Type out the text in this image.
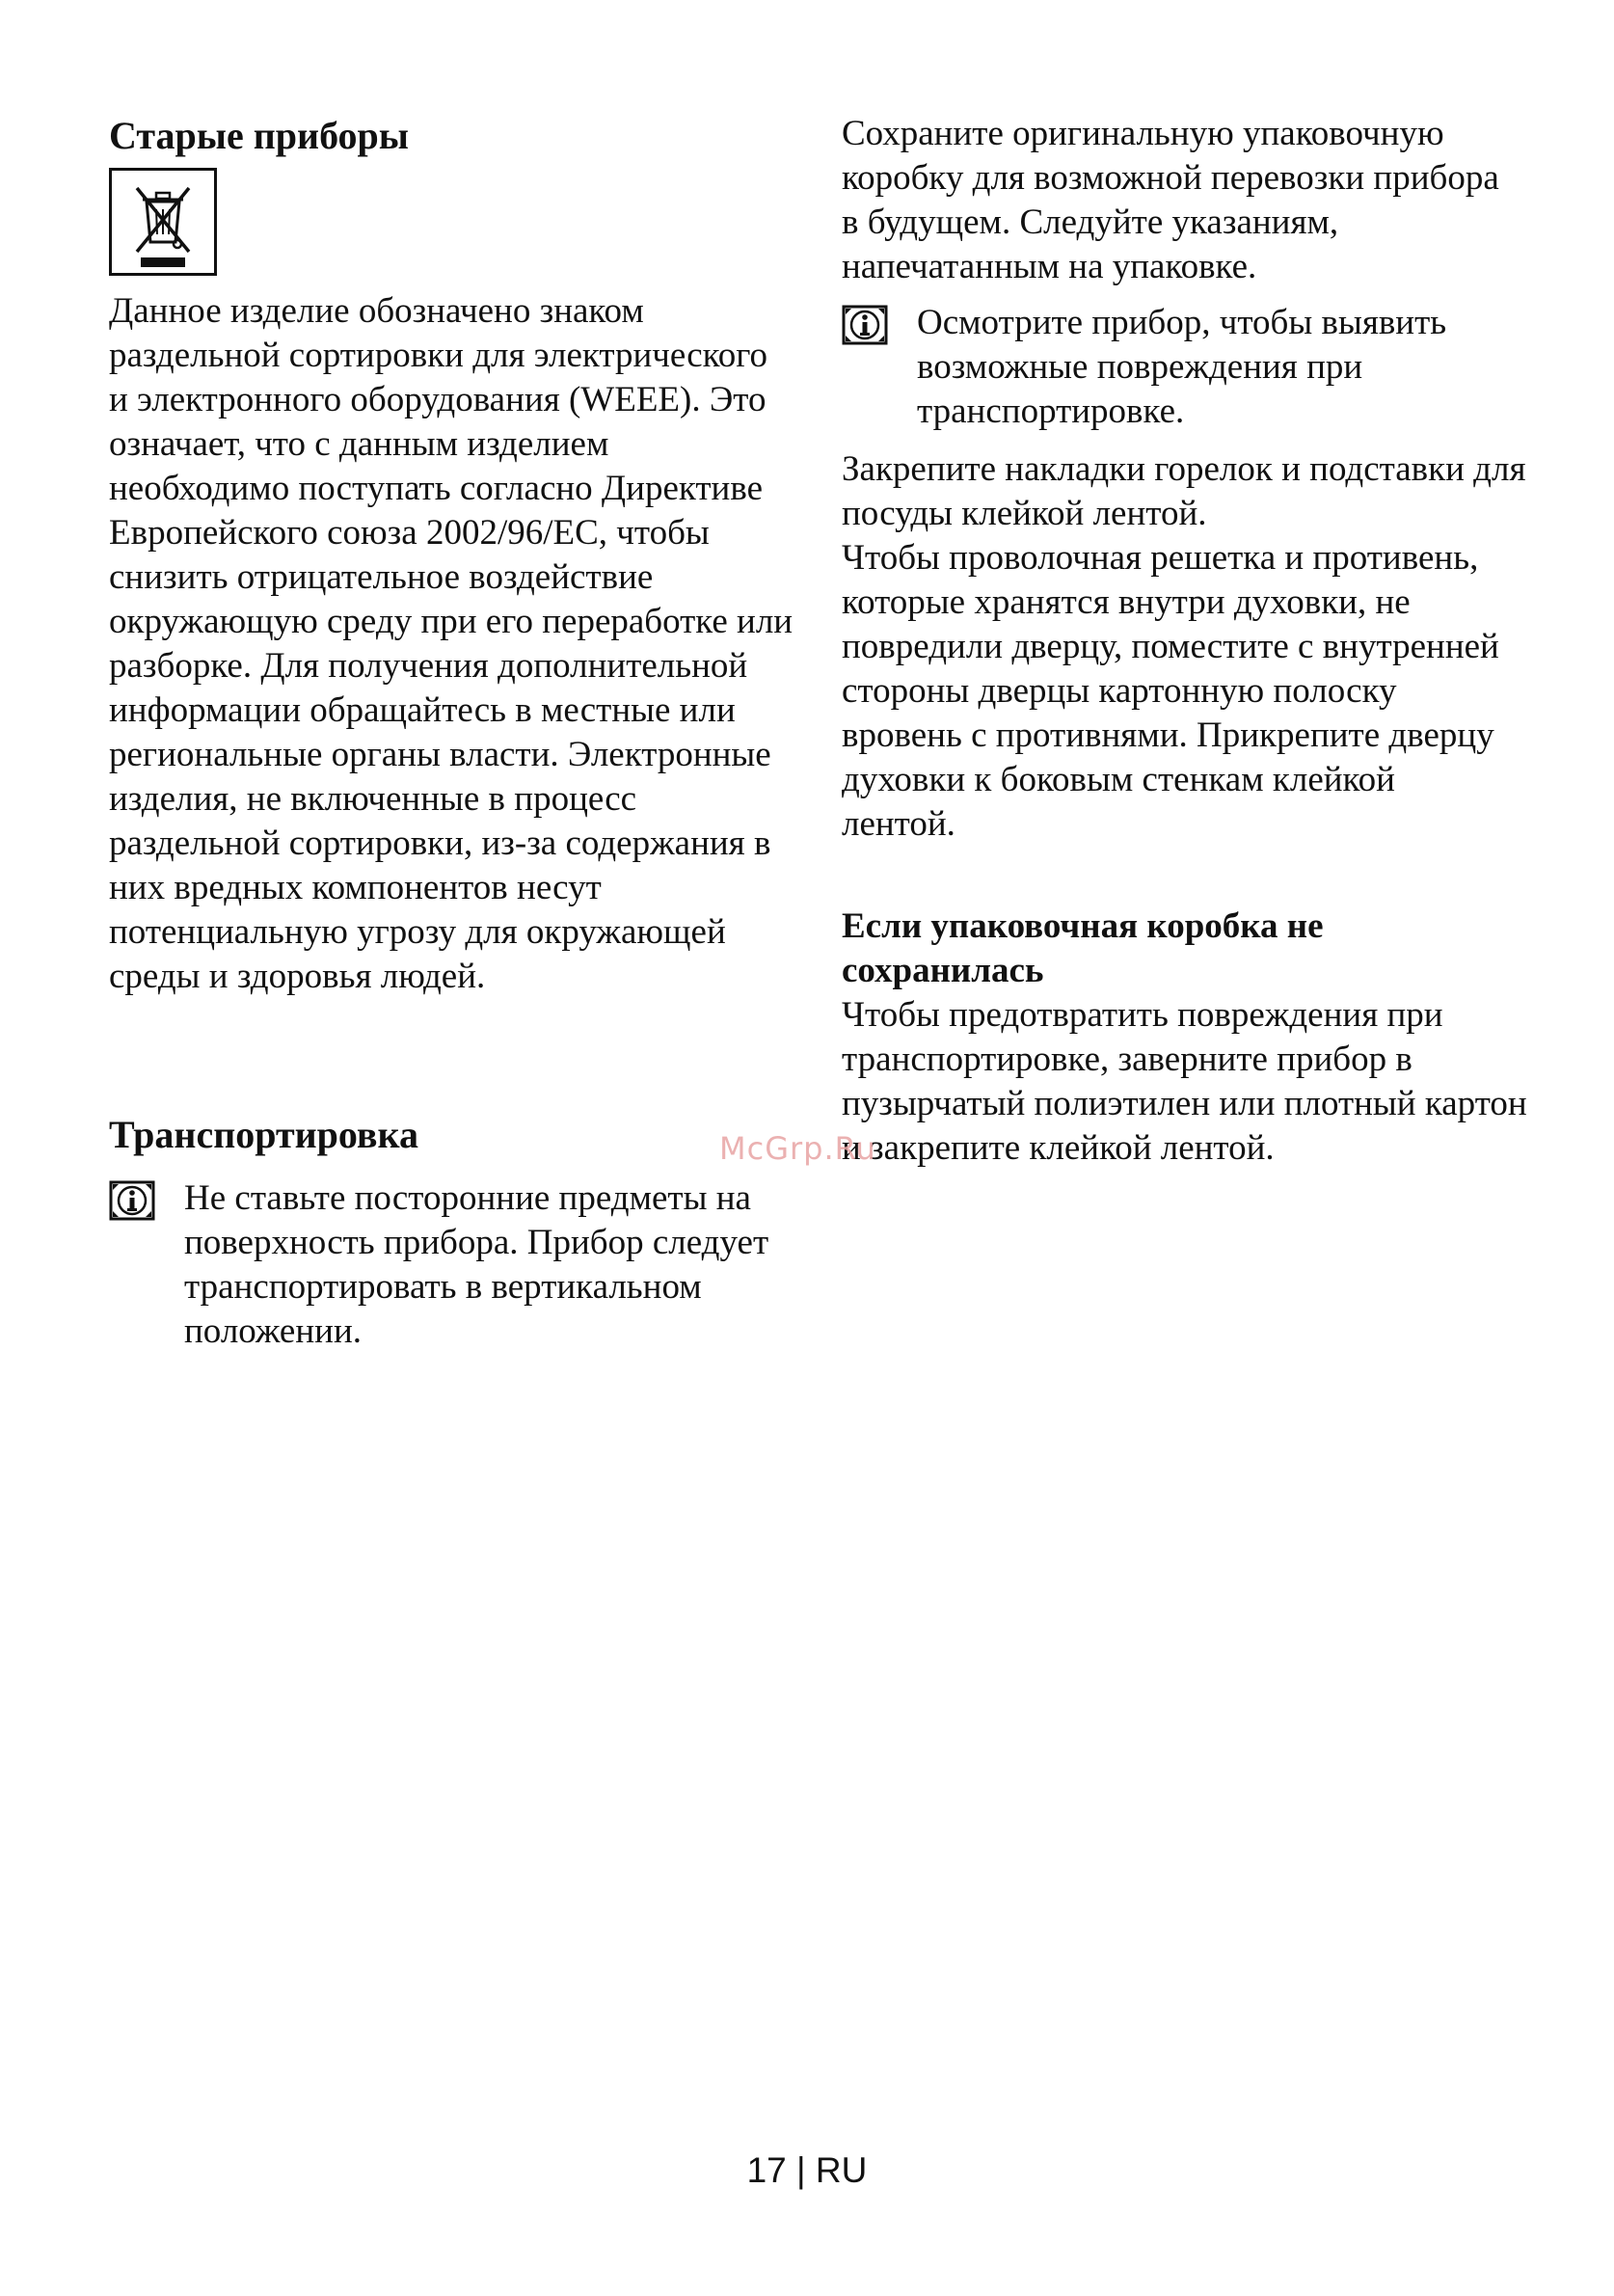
Старые приборы

Данное изделие обозначено знаком раздельной сортировки для электрического и электронного оборудования (WEEE). Это означает, что с данным изделием необходимо поступать согласно Директиве Европейского союза 2002/96/EC, чтобы снизить отрицательное воздействие окружающую среду при его переработке или разборке. Для получения дополнительной информации обращайтесь в местные или региональные органы власти. Электронные изделия, не включенные в процесс раздельной сортировки, из-за содержания в них вредных компонентов несут потенциальную угрозу для окружающей среды и здоровья людей.

Транспортировка

Не ставьте посторонние предметы на поверхность прибора. Прибор следует транспортировать в вертикальном положении.

Сохраните оригинальную упаковочную коробку для возможной перевозки прибора в будущем. Следуйте указаниям, напечатанным на упаковке.

Осмотрите прибор, чтобы выявить возможные повреждения при транспортировке.

Закрепите накладки горелок и подставки для посуды клейкой лентой.

Чтобы проволочная решетка и противень, которые хранятся внутри духовки, не повредили дверцу, поместите с внутренней стороны дверцы картонную полоску вровень с противнями. Прикрепите дверцу духовки к боковым стенкам клейкой лентой.

Если упаковочная коробка не сохранилась

Чтобы предотвратить повреждения при транспортировке, заверните прибор в пузырчатый полиэтилен или плотный картон и закрепите клейкой лентой.

McGrp.Ru
17 | RU
